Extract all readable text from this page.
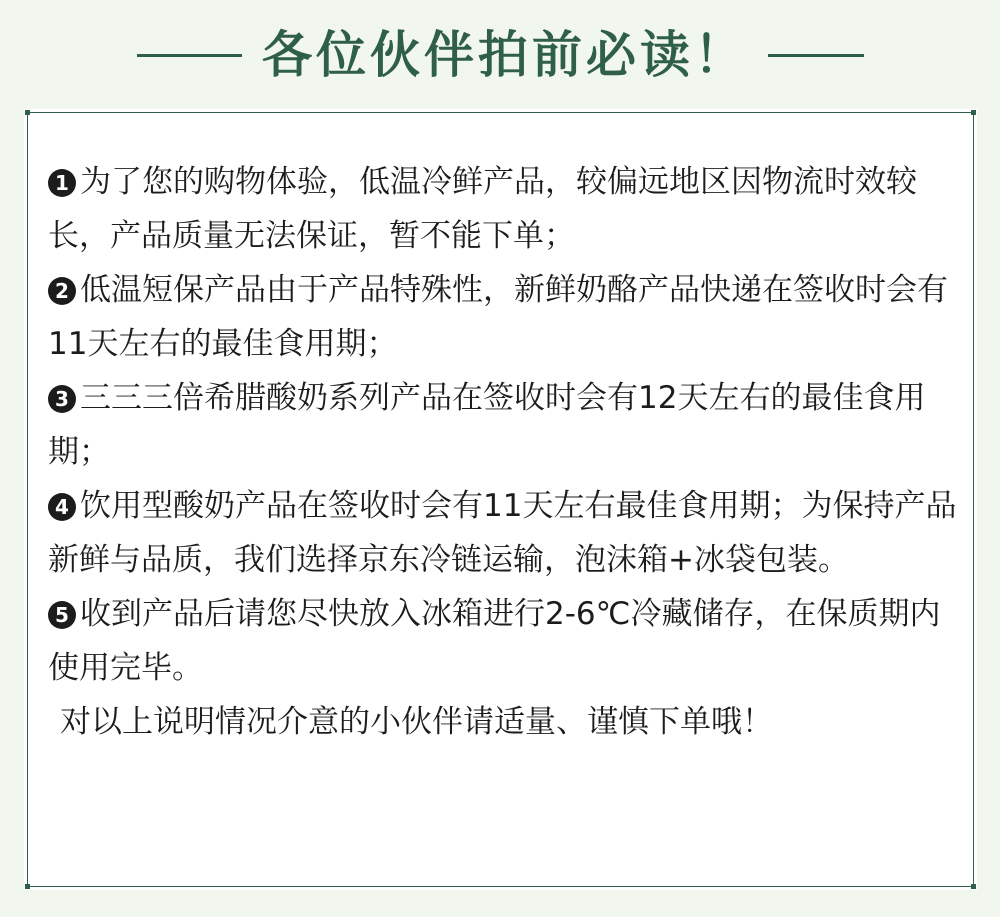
各位伙伴拍前必读！

1 为了您的购物体验，低温冷鲜产品，较偏远地区因物流时效较长，产品质量无法保证，暂不能下单；

2 低温短保产品由于产品特殊性，新鲜奶酪产品快递在签收时会有11天左右的最佳食用期；

3 三三三倍希腊酸奶系列产品在签收时会有12天左右的最佳食用期；

4 饮用型酸奶产品在签收时会有11天左右最佳食用期；为保持产品新鲜与品质，我们选择京东冷链运输，泡沫箱+冰袋包装。

5 收到产品后请您尽快放入冰箱进行2-6℃冷藏储存，在保质期内使用完毕。

对以上说明情况介意的小伙伴请适量、谨慎下单哦！
